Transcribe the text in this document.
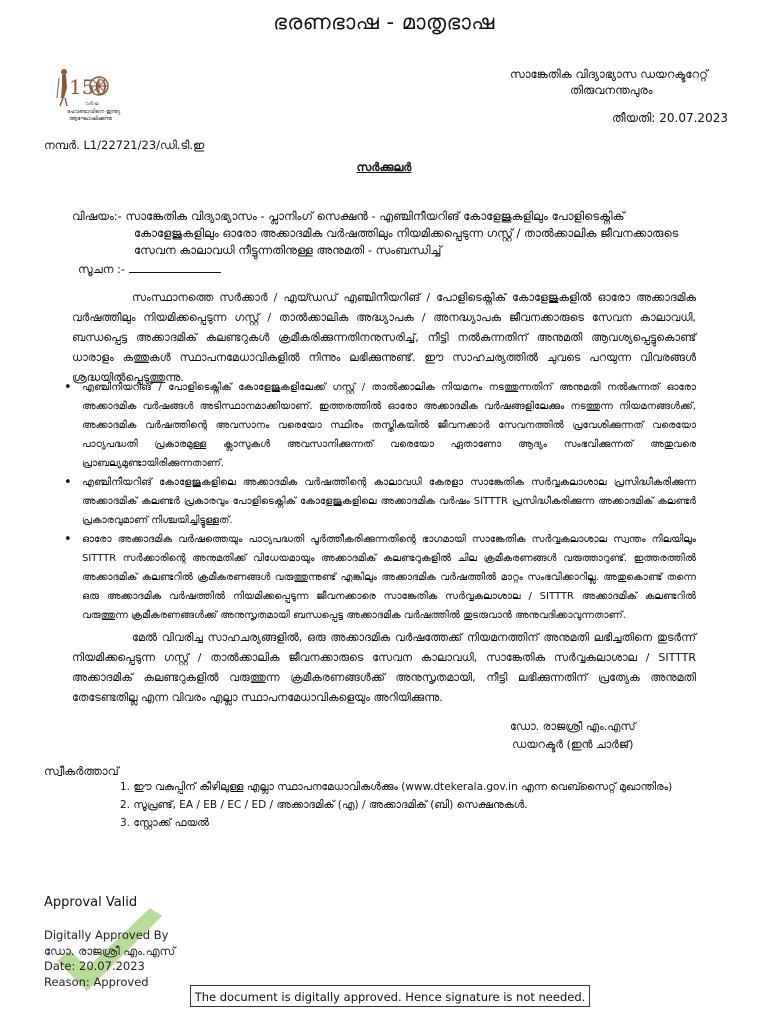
ഭരണഭാഷ - മാതൃഭാഷ
150
വർഷ
ഹോണ്ടാവിനെ ഇന്ത്യ
ആഘോഷിക്കുന്നു
സാങ്കേതിക വിദ്യാഭ്യാസ ഡയറക്ടറേറ്റ്
തിരുവനന്തപുരം
തീയതി: 20.07.2023
നമ്പർ. L1/22721/23/ഡി.ടി.ഇ
സർക്കുലർ
വിഷയം:- സാങ്കേതിക വിദ്യാഭ്യാസം - പ്ലാനിംഗ് സെക്ഷൻ - എഞ്ചിനീയറിങ് കോളേജുകളിലും പോളിടെക്നിക്
കോളേജുകളിലും ഓരോ അക്കാദമിക വർഷത്തിലും നിയമിക്കപ്പെടുന്ന ഗസ്റ്റ് / താൽക്കാലിക ജീവനക്കാരുടെ സേവന കാലാവധി നീട്ടുന്നതിനുള്ള അനുമതി - സംബന്ധിച്ച്
സൂചന :-
സംസ്ഥാനത്തെ സർക്കാർ / എയ്ഡഡ് എഞ്ചിനീയറിങ് / പോളിടെക്നിക് കോളേജുകളിൽ ഓരോ അക്കാദമിക വർഷത്തിലും നിയമിക്കപ്പെടുന്ന ഗസ്റ്റ് / താൽക്കാലിക അദ്ധ്യാപക / അനദ്ധ്യാപക ജീവനക്കാരുടെ സേവന കാലാവധി, ബന്ധപ്പെട്ട അക്കാദമിക് കലണ്ടറുകൾ ക്രമീകരിക്കുന്നതിനനുസരിച്ച്, നീട്ടി നൽകുന്നതിന് അനുമതി ആവശ്യപ്പെട്ടുകൊണ്ട് ധാരാളം കത്തുകൾ സ്ഥാപനമേധാവികളിൽ നിന്നും ലഭിക്കുന്നുണ്ട്. ഈ സാഹചര്യത്തിൽ ചുവടെ പറയുന്ന വിവരങ്ങൾ ശ്രദ്ധയിൽപ്പെടുത്തുന്നു.
• എഞ്ചിനീയറിങ് / പോളിടെക്നിക് കോളേജുകളിലേക്ക് ഗസ്റ്റ് / താൽക്കാലിക നിയമനം നടത്തുന്നതിന് അനുമതി നൽകുന്നത് ഓരോ അക്കാദമിക വർഷങ്ങൾ അടിസ്ഥാനമാക്കിയാണ്. ഇത്തരത്തിൽ ഓരോ അക്കാദമിക വർഷങ്ങളിലേക്കും നടത്തുന്ന നിയമനങ്ങൾക്ക്, അക്കാദമിക വർഷത്തിന്റെ അവസാനം വരെയോ സ്ഥിരം തസ്തികയിൽ ജീവനക്കാർ സേവനത്തിൽ പ്രവേശിക്കുന്നത് വരെയോ പാഠ്യപദ്ധതി പ്രകാരമുള്ള ക്ലാസുകൾ അവസാനിക്കുന്നത് വരെയോ ഏതാണോ ആദ്യം സംഭവിക്കുന്നത് അതുവരെ പ്രാബല്യമുണ്ടായിരിക്കുന്നതാണ്.
• എഞ്ചിനീയറിങ് കോളേജുകളിലെ അക്കാദമിക വർഷത്തിന്റെ കാലാവധി കേരളാ സാങ്കേതിക സർവ്വകലാശാല പ്രസിദ്ധീകരിക്കുന്ന അക്കാദമിക് കലണ്ടർ പ്രകാരവും പോളിടെക്നിക് കോളേജുകളിലെ അക്കാദമിക വർഷം SITTTR പ്രസിദ്ധീകരിക്കുന്ന അക്കാദമിക് കലണ്ടർ പ്രകാരവുമാണ് നിശ്ചയിച്ചിട്ടുള്ളത്.
• ഓരോ അക്കാദമിക വർഷത്തെയും പാഠ്യപദ്ധതി പൂർത്തീകരിക്കുന്നതിന്റെ ഭാഗമായി സാങ്കേതിക സർവ്വകലാശാല സ്വന്തം നിലയിലും SITTTR സർക്കാരിന്റെ അനുമതിക്ക് വിധേയമായും അക്കാദമിക് കലണ്ടറുകളിൽ ചില ക്രമീകരണങ്ങൾ വരുത്താറുണ്ട്. ഇത്തരത്തിൽ അക്കാദമിക് കലണ്ടറിൽ ക്രമീകരണങ്ങൾ വരുത്തുന്നുണ്ട് എങ്കിലും അക്കാദമിക വർഷത്തിൽ മാറ്റം സംഭവിക്കാറില്ല. അതുകൊണ്ട് തന്നെ ഒരു അക്കാദമിക വർഷത്തിൽ നിയമിക്കപ്പെടുന്ന ജീവനക്കാരെ സാങ്കേതിക സർവ്വകലാശാല / SITTTR അക്കാദമിക് കലണ്ടറിൽ വരുത്തുന്ന ക്രമീകരണങ്ങൾക്ക് അനുസൃതമായി ബന്ധപ്പെട്ട അക്കാദമിക വർഷത്തിൽ തുടരുവാൻ അനുവദിക്കാവുന്നതാണ്.
മേൽ വിവരിച്ച സാഹചര്യങ്ങളിൽ, ഒരു അക്കാദമിക വർഷത്തേക്ക് നിയമനത്തിന് അനുമതി ലഭിച്ചതിനെ തുടർന്ന് നിയമിക്കപ്പെടുന്ന ഗസ്റ്റ് / താൽക്കാലിക ജീവനക്കാരുടെ സേവന കാലാവധി, സാങ്കേതിക സർവ്വകലാശാല / SITTTR അക്കാദമിക് കലണ്ടറുകളിൽ വരുത്തുന്ന ക്രമീകരണങ്ങൾക്ക് അനുസൃതമായി, നീട്ടി ലഭിക്കുന്നതിന് പ്രത്യേക അനുമതി തേടേണ്ടതില്ല എന്ന വിവരം എല്ലാ സ്ഥാപനമേധാവികളെയും അറിയിക്കുന്നു.
ഡോ. രാജശ്രീ എം.എസ്
ഡയറക്ടർ (ഇൻ ചാർജ്)
സ്വീകർത്താവ്
1. ഈ വകുപ്പിന് കീഴിലുള്ള എല്ലാ സ്ഥാപനമേധാവികൾക്കും (www.dtekerala.gov.in എന്ന വെബ്സൈറ്റ് മുഖാന്തിരം)
2. സൂപ്രണ്ട്, EA / EB / EC / ED / അക്കാദമിക് (എ) / അക്കാദമിക് (ബി) സെക്ഷനുകൾ.
3. സ്റ്റോക്ക് ഫയൽ
Approval Valid
Digitally Approved By
ഡോ. രാജശ്രീ എം.എസ്
Date: 20.07.2023
Reason: Approved
The document is digitally approved. Hence signature is not needed.
